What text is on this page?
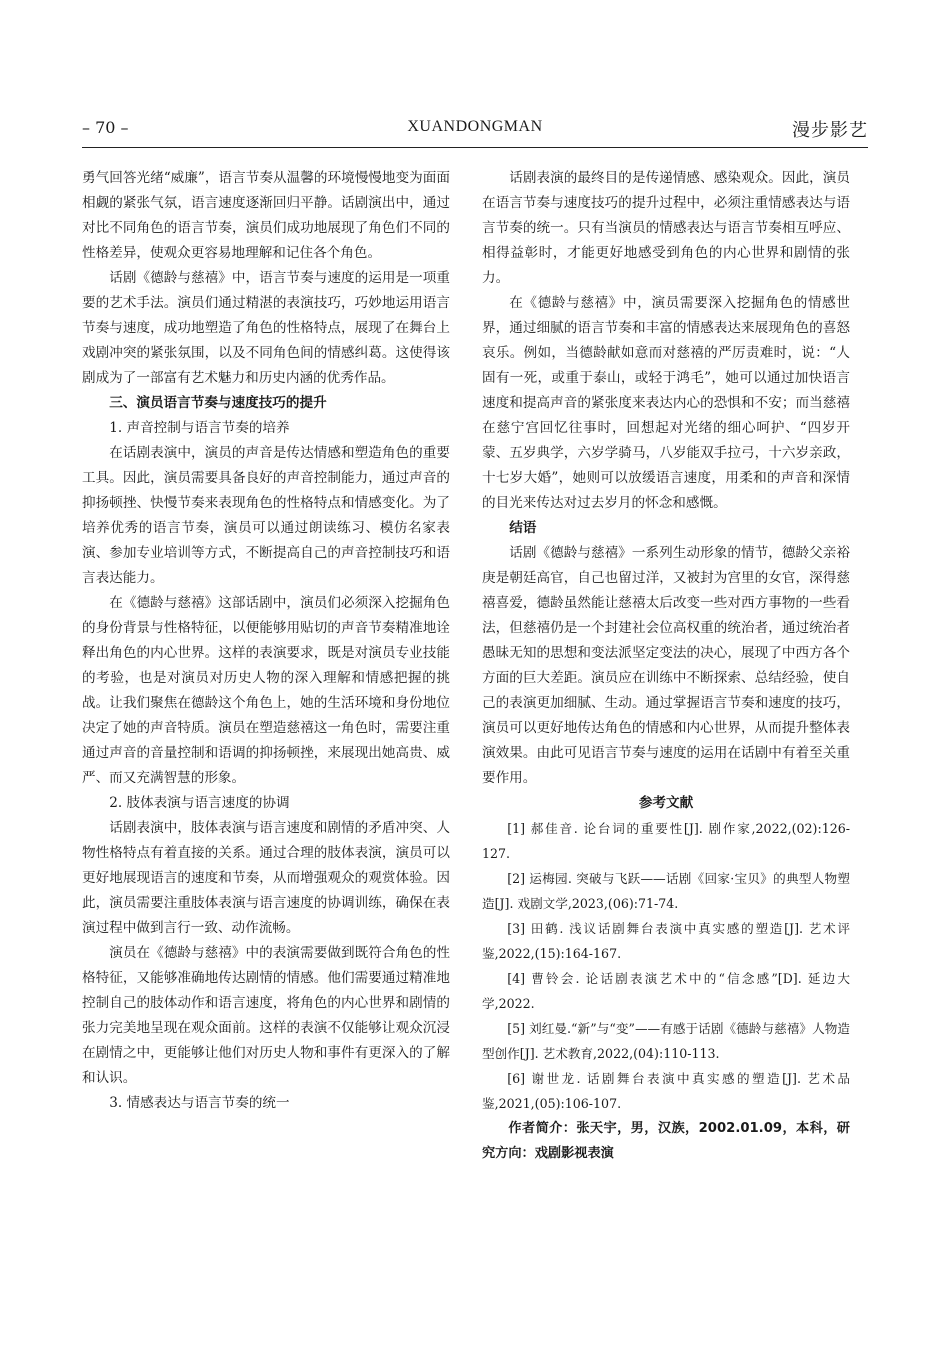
– 70 –	XUANDONGMAN	漫步影艺

勇气回答光绪“威廉”，语言节奏从温馨的环境慢慢地变为面面相觑的紧张气氛，语言速度逐渐回归平静。话剧演出中，通过对比不同角色的语言节奏，演员们成功地展现了角色们不同的性格差异，使观众更容易地理解和记住各个角色。

话剧《德龄与慈禧》中，语言节奏与速度的运用是一项重要的艺术手法。演员们通过精湛的表演技巧，巧妙地运用语言节奏与速度，成功地塑造了角色的性格特点，展现了在舞台上戏剧冲突的紧张氛围，以及不同角色间的情感纠葛。这使得该剧成为了一部富有艺术魅力和历史内涵的优秀作品。

三、演员语言节奏与速度技巧的提升
1. 声音控制与语言节奏的培养

在话剧表演中，演员的声音是传达情感和塑造角色的重要工具。因此，演员需要具备良好的声音控制能力，通过声音的抑扬顿挫、快慢节奏来表现角色的性格特点和情感变化。为了培养优秀的语言节奏，演员可以通过朗读练习、模仿名家表演、参加专业培训等方式，不断提高自己的声音控制技巧和语言表达能力。

在《德龄与慈禧》这部话剧中，演员们必须深入挖掘角色的身份背景与性格特征，以便能够用贴切的声音节奏精准地诠释出角色的内心世界。这样的表演要求，既是对演员专业技能的考验，也是对演员对历史人物的深入理解和情感把握的挑战。让我们聚焦在德龄这个角色上，她的生活环境和身份地位决定了她的声音特质。演员在塑造慈禧这一角色时，需要注重通过声音的音量控制和语调的抑扬顿挫，来展现出她高贵、威严、而又充满智慧的形象。

2. 肢体表演与语言速度的协调

话剧表演中，肢体表演与语言速度和剧情的矛盾冲突、人物性格特点有着直接的关系。通过合理的肢体表演，演员可以更好地展现语言的速度和节奏，从而增强观众的观赏体验。因此，演员需要注重肢体表演与语言速度的协调训练，确保在表演过程中做到言行一致、动作流畅。

演员在《德龄与慈禧》中的表演需要做到既符合角色的性格特征，又能够准确地传达剧情的情感。他们需要通过精准地控制自己的肢体动作和语言速度，将角色的内心世界和剧情的张力完美地呈现在观众面前。这样的表演不仅能够让观众沉浸在剧情之中，更能够让他们对历史人物和事件有更深入的了解和认识。

3. 情感表达与语言节奏的统一

话剧表演的最终目的是传递情感、感染观众。因此，演员在语言节奏与速度技巧的提升过程中，必须注重情感表达与语言节奏的统一。只有当演员的情感表达与语言节奏相互呼应、相得益彰时，才能更好地感受到角色的内心世界和剧情的张力。

在《德龄与慈禧》中，演员需要深入挖掘角色的情感世界，通过细腻的语言节奏和丰富的情感表达来展现角色的喜怒哀乐。例如，当德龄献如意而对慈禧的严厉责难时，说：“人固有一死，或重于泰山，或轻于鸿毛”，她可以通过加快语言速度和提高声音的紧张度来表达内心的恐惧和不安；而当慈禧在慈宁宫回忆往事时，回想起对光绪的细心呵护、“四岁开蒙、五岁典学，六岁学骑马，八岁能双手拉弓，十六岁亲政，十七岁大婚”，她则可以放缓语言速度，用柔和的声音和深情的目光来传达对过去岁月的怀念和感慨。

结语

话剧《德龄与慈禧》一系列生动形象的情节，德龄父亲裕庚是朝廷高官，自己也留过洋，又被封为宫里的女官，深得慈禧喜爱，德龄虽然能让慈禧太后改变一些对西方事物的一些看法，但慈禧仍是一个封建社会位高权重的统治者，通过统治者愚昧无知的思想和变法派坚定变法的决心，展现了中西方各个方面的巨大差距。演员应在训练中不断探索、总结经验，使自己的表演更加细腻、生动。通过掌握语言节奏和速度的技巧，演员可以更好地传达角色的情感和内心世界，从而提升整体表演效果。由此可见语言节奏与速度的运用在话剧中有着至关重要作用。

参考文献

[1] 郝佳音. 论台词的重要性[J]. 剧作家,2022,(02):126-127.

[2] 运梅园. 突破与飞跃——话剧《回家·宝贝》的典型人物塑造[J]. 戏剧文学,2023,(06):71-74.

[3] 田鹤. 浅议话剧舞台表演中真实感的塑造[J]. 艺术评鉴,2022,(15):164-167.

[4] 曹铃会. 论话剧表演艺术中的“信念感”[D]. 延边大学,2022.

[5] 刘红曼.“新”与“变”——有感于话剧《德龄与慈禧》人物造型创作[J]. 艺术教育,2022,(04):110-113.

[6] 谢世龙. 话剧舞台表演中真实感的塑造[J]. 艺术品鉴,2021,(05):106-107.

作者简介：张天宇，男，汉族，2002.01.09，本科，研究方向：戏剧影视表演
